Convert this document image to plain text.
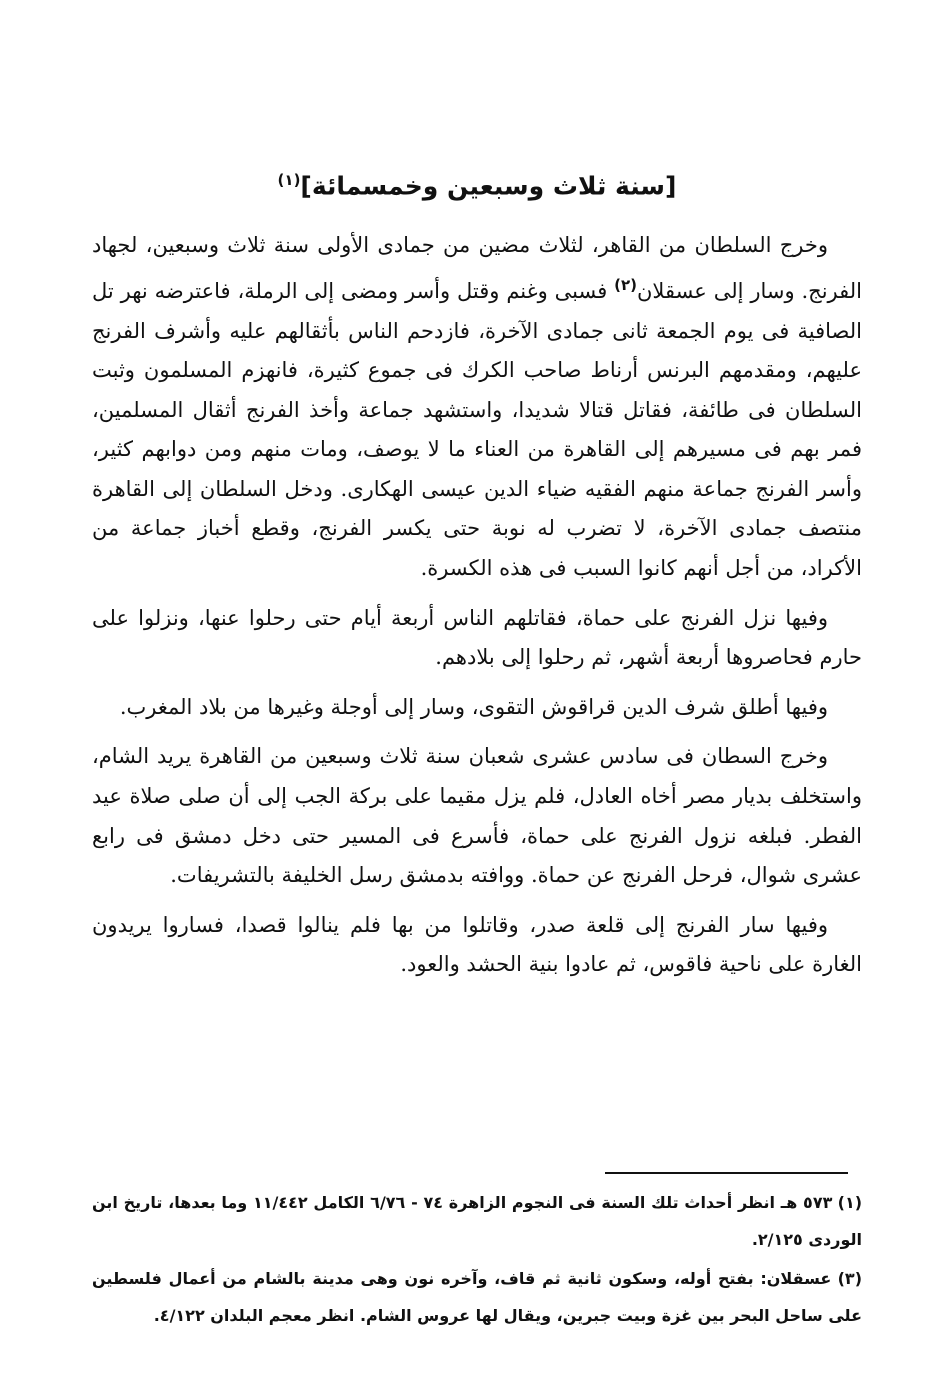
[سنة ثلاث وسبعين وخمسمائة]$^{(١)}$

وخرج السلطان من القاهر، لثلاث مضين من جمادى الأولى سنة ثلاث وسبعين، لجهاد الفرنج. وسار إلى عسقلان$^{(٢)}$ فسبى وغنم وقتل وأسر ومضى إلى الرملة، فاعترضه نهر تل الصافية فى يوم الجمعة ثانى جمادى الآخرة، فازدحم الناس بأثقالهم عليه وأشرف الفرنج عليهم، ومقدمهم البرنس أرناط صاحب الكرك فى جموع كثيرة، فانهزم المسلمون وثبت السلطان فى طائفة، فقاتل قتالا شديدا، واستشهد جماعة وأخذ الفرنج أثقال المسلمين، فمر بهم فى مسيرهم إلى القاهرة من العناء ما لا يوصف، ومات منهم ومن دوابهم كثير، وأسر الفرنج جماعة منهم الفقيه ضياء الدين عيسى الهكارى. ودخل السلطان إلى القاهرة منتصف جمادى الآخرة، لا تضرب له نوبة حتى يكسر الفرنج، وقطع أخباز جماعة من الأكراد، من أجل أنهم كانوا السبب فى هذه الكسرة.

وفيها نزل الفرنج على حماة، فقاتلهم الناس أربعة أيام حتى رحلوا عنها، ونزلوا على حارم فحاصروها أربعة أشهر، ثم رحلوا إلى بلادهم.

وفيها أطلق شرف الدين قراقوش التقوى، وسار إلى أوجلة وغيرها من بلاد المغرب.

وخرج السطان فى سادس عشرى شعبان سنة ثلاث وسبعين من القاهرة يريد الشام، واستخلف بديار مصر أخاه العادل، فلم يزل مقيما على بركة الجب إلى أن صلى صلاة عيد الفطر. فبلغه نزول الفرنج على حماة، فأسرع فى المسير حتى دخل دمشق فى رابع عشرى شوال، فرحل الفرنج عن حماة. ووافته بدمشق رسل الخليفة بالتشريفات.

وفيها سار الفرنج إلى قلعة صدر، وقاتلوا من بها فلم ينالوا قصدا، فساروا يريدون الغارة على ناحية فاقوس، ثم عادوا بنية الحشد والعود.

(١) ٥٧٣ هـ انظر أحداث تلك السنة فى النجوم الزاهرة ٧٤ - ٦/٧٦ الكامل ١١/٤٤٢ وما بعدها، تاريخ ابن الوردى ٢/١٢٥.

(٣) عسقلان: بفتح أوله، وسكون ثانية ثم قاف، وآخره نون وهى مدينة بالشام من أعمال فلسطين على ساحل البحر بين غزة وبيت جبرين، ويقال لها عروس الشام. انظر معجم البلدان ٤/١٢٢.
